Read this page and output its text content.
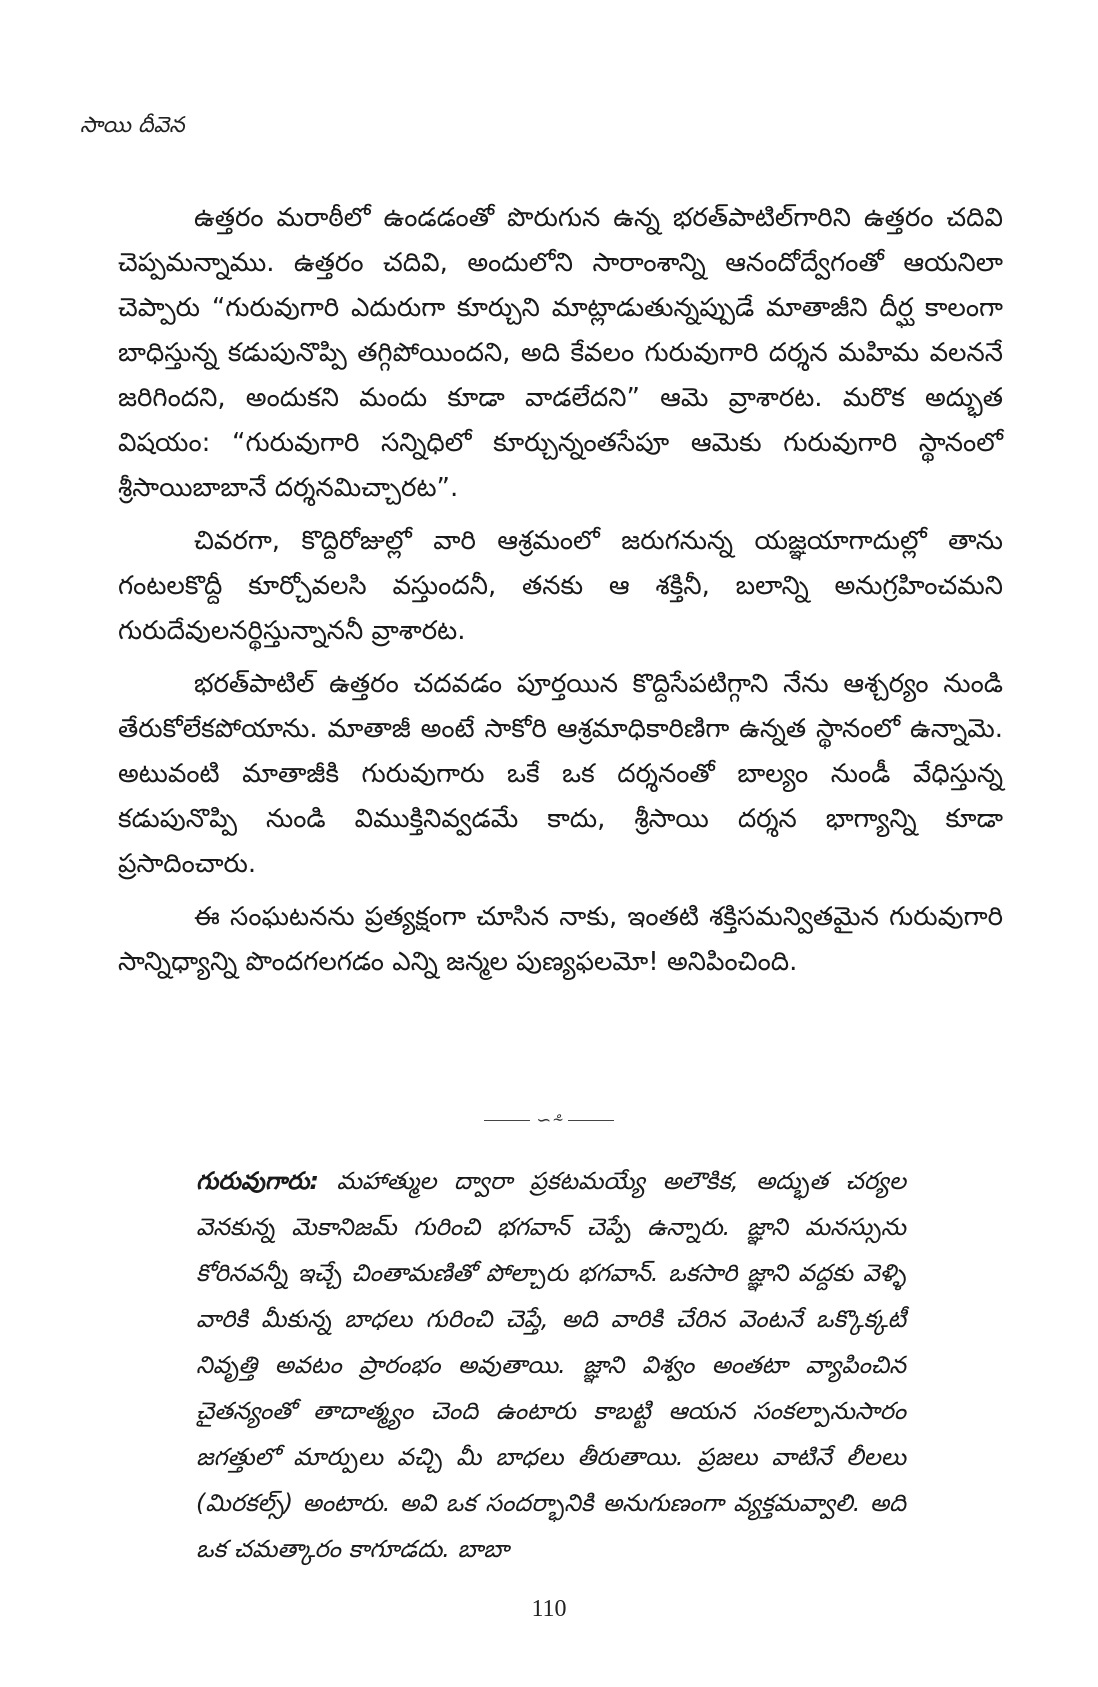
సాయి దీవెన

ఉత్తరం మరాఠీలో ఉండడంతో పొరుగున ఉన్న భరత్‌పాటిల్‌గారిని ఉత్తరం చదివి చెప్పమన్నాము. ఉత్తరం చదివి, అందులోని సారాంశాన్ని ఆనందోద్వేగంతో ఆయనిలా చెప్పారు “గురువుగారి ఎదురుగా కూర్చుని మాట్లాడుతున్నప్పుడే మాతాజీని దీర్ఘ కాలంగా బాధిస్తున్న కడుపునొప్పి తగ్గిపోయిందని, అది కేవలం గురువుగారి దర్శన మహిమ వలననే జరిగిందని, అందుకని మందు కూడా వాడలేదని” ఆమె వ్రాశారట. మరొక అద్భుత విషయం: “గురువుగారి సన్నిధిలో కూర్చున్నంతసేపూ ఆమెకు గురువుగారి స్థానంలో శ్రీసాయిబాబానే దర్శనమిచ్చారట”.

చివరగా, కొద్దిరోజుల్లో వారి ఆశ్రమంలో జరుగనున్న యజ్ఞయాగాదుల్లో తాను గంటలకొద్దీ కూర్చోవలసి వస్తుందనీ, తనకు ఆ శక్తినీ, బలాన్ని అనుగ్రహించమని గురుదేవులనర్థిస్తున్నాననీ వ్రాశారట.

భరత్‌పాటిల్ ఉత్తరం చదవడం పూర్తయిన కొద్దిసేపటిగ్గాని నేను ఆశ్చర్యం నుండి తేరుకోలేకపోయాను. మాతాజీ అంటే సాకోరి ఆశ్రమాధికారిణిగా ఉన్నత స్థానంలో ఉన్నామె. అటువంటి మాతాజీకి గురువుగారు ఒకే ఒక దర్శనంతో బాల్యం నుండీ వేధిస్తున్న కడుపునొప్పి నుండి విముక్తినివ్వడమే కాదు, శ్రీసాయి దర్శన భాగ్యాన్ని కూడా ప్రసాదించారు.

ఈ సంఘటనను ప్రత్యక్షంగా చూసిన నాకు, ఇంతటి శక్తిసమన్వితమైన గురువుగారి సాన్నిధ్యాన్ని పొందగలగడం ఎన్ని జన్మల పుణ్యఫలమో! అనిపించింది.

∽⸛
గురువుగారు: మహాత్ముల ద్వారా ప్రకటమయ్యే అలౌకిక, అద్భుత చర్యల వెనకున్న మెకానిజమ్ గురించి భగవాన్ చెప్పే ఉన్నారు. జ్ఞాని మనస్సును కోరినవన్నీ ఇచ్చే చింతామణితో పోల్చారు భగవాన్. ఒకసారి జ్ఞాని వద్దకు వెళ్ళి వారికి మీకున్న బాధలు గురించి చెప్తే, అది వారికి చేరిన వెంటనే ఒక్కొక్కటీ నివృత్తి అవటం ప్రారంభం అవుతాయి. జ్ఞాని విశ్వం అంతటా వ్యాపించిన చైతన్యంతో తాదాత్మ్యం చెంది ఉంటారు కాబట్టి ఆయన సంకల్పానుసారం జగత్తులో మార్పులు వచ్చి మీ బాధలు తీరుతాయి. ప్రజలు వాటినే లీలలు (మిరకల్స్) అంటారు. అవి ఒక సందర్భానికి అనుగుణంగా వ్యక్తమవ్వాలి. అది ఒక చమత్కారం కాగూడదు. బాబా
110
